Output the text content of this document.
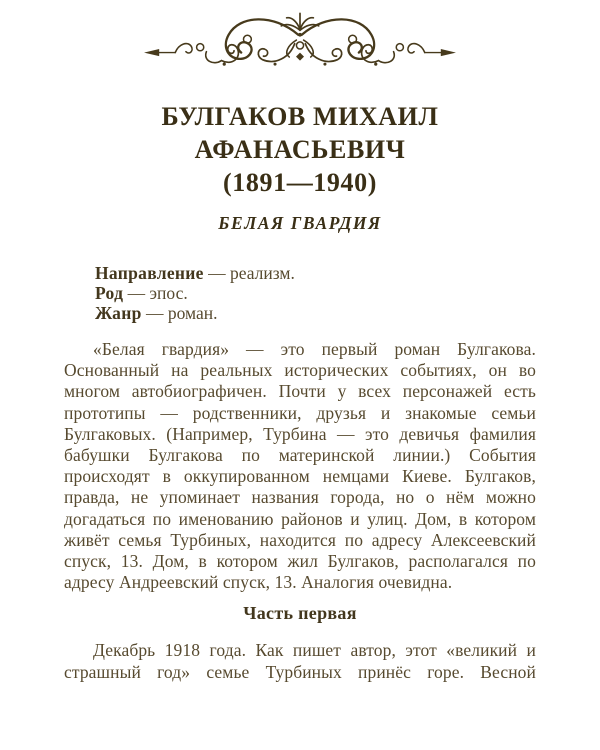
БУЛГАКОВ МИХАИЛ
АФАНАСЬЕВИЧ
(1891—1940)
БЕЛАЯ ГВАРДИЯ
Направление — реализм.
Род — эпос.
Жанр — роман.

«Белая гвардия» — это первый роман Булгакова. Основанный на реальных исторических событиях, он во многом автобиографичен. Почти у всех персонажей есть прототипы — родственники, друзья и знакомые семьи Булгаковых. (Например, Турбина — это девичья фамилия бабушки Булгакова по материнской линии.) События происходят в оккупированном немцами Киеве. Булгаков, правда, не упоминает названия города, но о нём можно догадаться по именованию районов и улиц. Дом, в котором живёт семья Турбиных, находится по адресу Алексеевский спуск, 13. Дом, в котором жил Булгаков, располагался по адресу Андреевский спуск, 13. Аналогия очевидна.

Часть первая

Декабрь 1918 года. Как пишет автор, этот «великий и страшный год» семье Турбиных принёс горе. Весной
